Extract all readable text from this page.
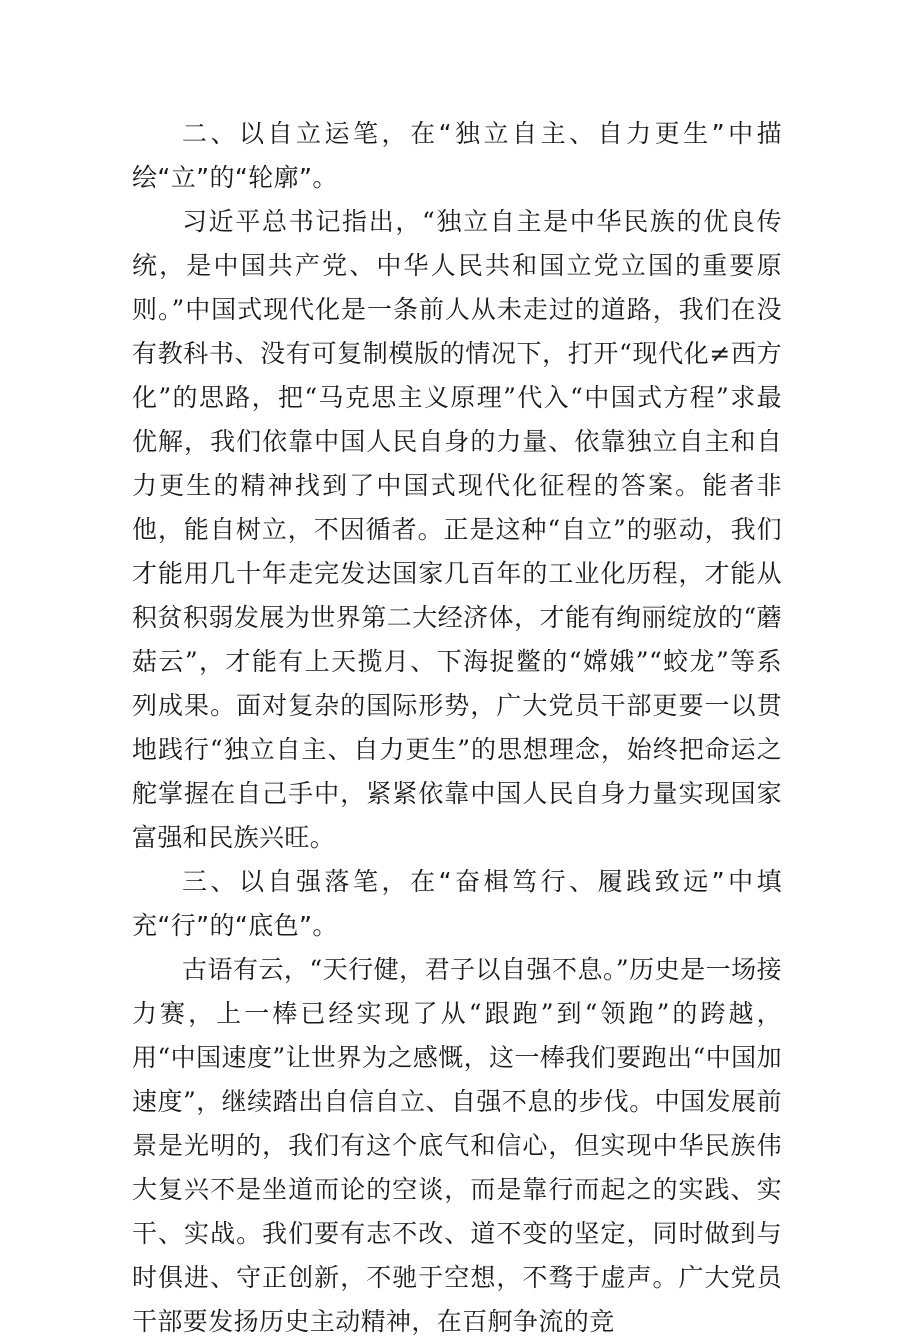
二、以自立运笔，在“独立自主、自力更生”中描绘“立”的“轮廓”。

习近平总书记指出，“独立自主是中华民族的优良传统，是中国共产党、中华人民共和国立党立国的重要原则。”中国式现代化是一条前人从未走过的道路，我们在没有教科书、没有可复制模版的情况下，打开“现代化≠西方化”的思路，把“马克思主义原理”代入“中国式方程”求最优解，我们依靠中国人民自身的力量、依靠独立自主和自力更生的精神找到了中国式现代化征程的答案。能者非他，能自树立，不因循者。正是这种“自立”的驱动，我们才能用几十年走完发达国家几百年的工业化历程，才能从积贫积弱发展为世界第二大经济体，才能有绚丽绽放的“蘑菇云”，才能有上天揽月、下海捉鳖的“嫦娥”“蛟龙”等系列成果。面对复杂的国际形势，广大党员干部更要一以贯地践行“独立自主、自力更生”的思想理念，始终把命运之舵掌握在自己手中，紧紧依靠中国人民自身力量实现国家富强和民族兴旺。

三、以自强落笔，在“奋楫笃行、履践致远”中填充“行”的“底色”。

古语有云，“天行健，君子以自强不息。”历史是一场接力赛，上一棒已经实现了从“跟跑”到“领跑”的跨越，用“中国速度”让世界为之感慨，这一棒我们要跑出“中国加速度”，继续踏出自信自立、自强不息的步伐。中国发展前景是光明的，我们有这个底气和信心，但实现中华民族伟大复兴不是坐道而论的空谈，而是靠行而起之的实践、实干、实战。我们要有志不改、道不变的坚定，同时做到与时俱进、守正创新，不驰于空想，不骛于虚声。广大党员干部要发扬历史主动精神，在百舸争流的竞
